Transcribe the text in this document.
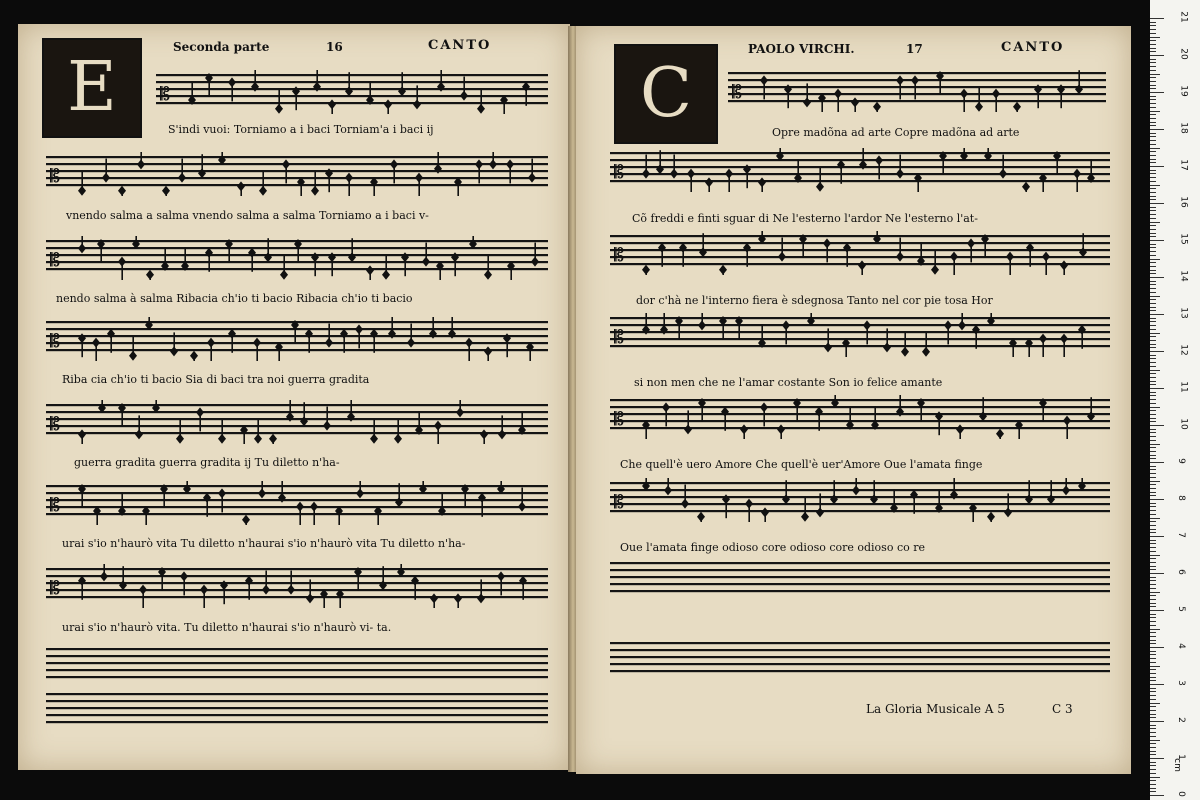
E
Seconda parte	16	CANTO
𝄡
𝄡
𝄡
𝄡
𝄡
𝄡
𝄡
S'indi vuoi: Torniamo a i baci Torniam'a i baci ij
vnendo salma a salma vnendo salma a salma Torniamo a i baci v-
nendo salma à salma Ribacia ch'io ti bacio Ribacia ch'io ti bacio
Riba cia ch'io ti bacio Sia di baci tra noi guerra gradita
guerra gradita guerra gradita ij Tu diletto n'ha-
urai s'io n'haurò vita Tu diletto n'haurai s'io n'haurò vita Tu diletto n'ha-
urai s'io n'haurò vita. Tu diletto n'haurai s'io n'haurò vi- ta.
C
PAOLO VIRCHI.	17	CANTO
𝄡
𝄡
𝄡
𝄡
𝄡
𝄡
Opre madõna ad arte Copre madõna ad arte
Cõ freddi e finti sguar di Ne l'esterno l'ardor Ne l'esterno l'at-
dor c'hà ne l'interno fiera è sdegnosa Tanto nel cor pie tosa Hor
si non men che ne l'amar costante Son io felice amante
Che quell'è uero Amore Che quell'è uer'Amore Oue l'amata finge
Oue l'amata finge odioso core odioso core odioso co re
La Gloria Musicale A 5	C 3
21
20
19
18
17
16
15
14
13
12
11
10
9
8
7
6
5
4
3
2
1
0
cm
